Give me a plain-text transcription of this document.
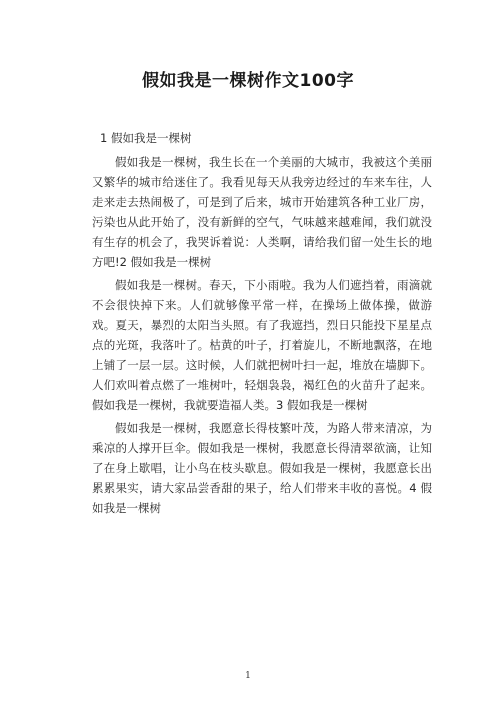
假如我是一棵树作文100字

1 假如我是一棵树

假如我是一棵树，我生长在一个美丽的大城市，我被这个美丽又繁华的城市给迷住了。我看见每天从我旁边经过的车来车往，人走来走去热闹极了，可是到了后来，城市开始建筑各种工业厂房，污染也从此开始了，没有新鲜的空气，气味越来越难闻，我们就没有生存的机会了，我哭诉着说：人类啊，请给我们留一处生长的地方吧!2 假如我是一棵树

假如我是一棵树。春天，下小雨啦。我为人们遮挡着，雨滴就不会很快掉下来。人们就够像平常一样，在操场上做体操，做游戏。夏天，暴烈的太阳当头照。有了我遮挡，烈日只能投下星星点点的光斑，我落叶了。枯黄的叶子，打着旋儿，不断地飘落，在地上铺了一层一层。这时候，人们就把树叶扫一起，堆放在墙脚下。人们欢叫着点燃了一堆树叶，轻烟袅袅，褐红色的火苗升了起来。假如我是一棵树，我就要造福人类。3 假如我是一棵树

假如我是一棵树，我愿意长得枝繁叶茂，为路人带来清凉，为乘凉的人撑开巨伞。假如我是一棵树，我愿意长得清翠欲滴，让知了在身上歇唱，让小鸟在枝头歇息。假如我是一棵树，我愿意长出累累果实，请大家品尝香甜的果子，给人们带来丰收的喜悦。4 假如我是一棵树

1
